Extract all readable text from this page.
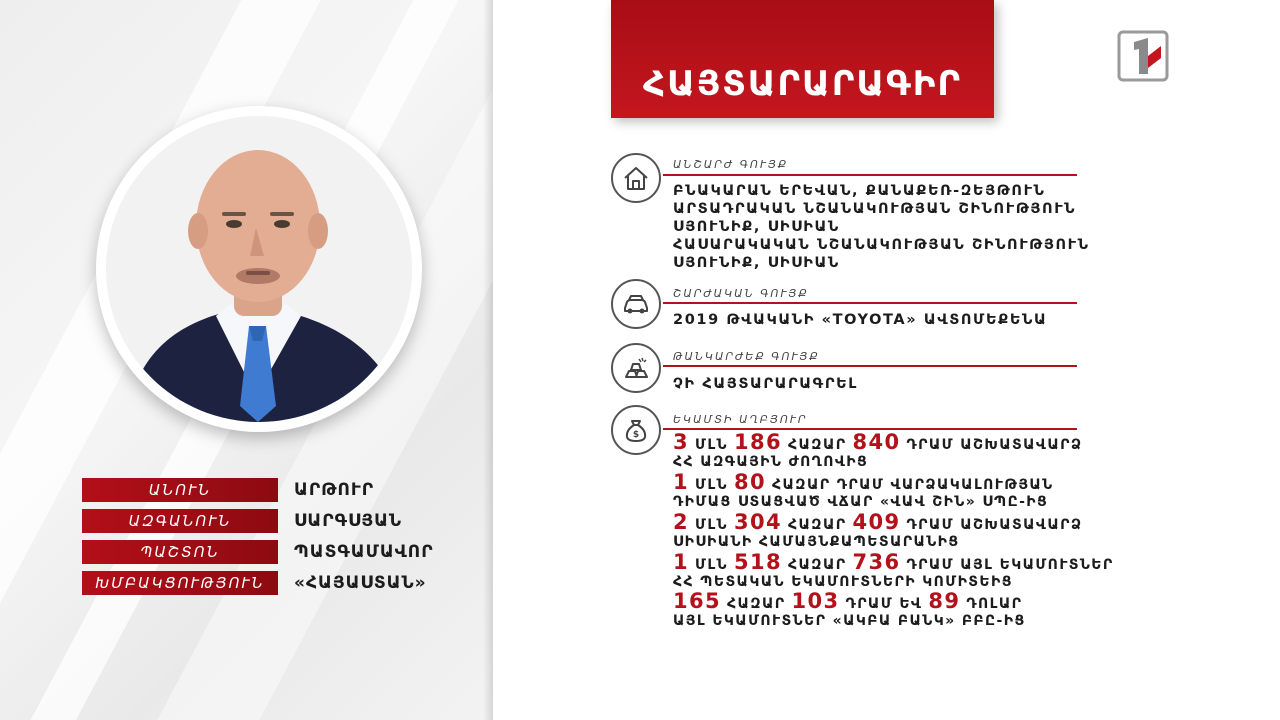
ԱՆՈՒՆ	ԱՐԹՈՒՐ
ԱԶԳԱՆՈՒՆ	ՍԱՐԳՍՅԱՆ
ՊԱՇՏՈՆ	ՊԱՏԳԱՄԱՎՈՐ
ԽՄԲԱԿՑՈՒԹՅՈՒՆ	«ՀԱՅԱՍՏԱՆ»
ՀԱՅՏԱՐԱՐԱԳԻՐ
ԱՆՇԱՐԺ ԳՈՒՅՔ
ԲՆԱԿԱՐԱՆ ԵՐԵՎԱՆ, ՔԱՆԱՔԵՌ-ԶԵՅԹՈՒՆ
ԱՐՏԱԴՐԱԿԱՆ ՆՇԱՆԱԿՈՒԹՅԱՆ ՇԻՆՈՒԹՅՈՒՆ
ՍՅՈՒՆԻՔ, ՍԻՍԻԱՆ
ՀԱՍԱՐԱԿԱԿԱՆ ՆՇԱՆԱԿՈՒԹՅԱՆ ՇԻՆՈՒԹՅՈՒՆ
ՍՅՈՒՆԻՔ, ՍԻՍԻԱՆ
ՇԱՐԺԱԿԱՆ ԳՈՒՅՔ
2019 ԹՎԱԿԱՆԻ «TOYOTA» ԱՎՏՈՄԵՔԵՆԱ
ԹԱՆԿԱՐԺԵՔ ԳՈՒՅՔ
ՉԻ ՀԱՅՏԱՐԱՐԱԳՐԵԼ
$
ԵԿԱՄՏԻ ԱՂԲՅՈՒՐ
3 ՄԼՆ 186 ՀԱԶԱՐ 840 ԴՐԱՄ ԱՇԽԱՏԱՎԱՐՁ
ՀՀ ԱԶԳԱՅԻՆ ԺՈՂՈՎԻՑ
1 ՄԼՆ 80 ՀԱԶԱՐ ԴՐԱՄ ՎԱՐՁԱԿԱԼՈՒԹՅԱՆ
ԴԻՄԱՑ ՍՏԱՑՎԱԾ ՎՃԱՐ «ՎԱՎ ՇԻՆ» ՍՊԸ-ԻՑ
2 ՄԼՆ 304 ՀԱԶԱՐ 409 ԴՐԱՄ ԱՇԽԱՏԱՎԱՐՁ
ՍԻՍԻԱՆԻ ՀԱՄԱՅՆՔԱՊԵՏԱՐԱՆԻՑ
1 ՄԼՆ 518 ՀԱԶԱՐ 736 ԴՐԱՄ ԱՅԼ ԵԿԱՄՈՒՏՆԵՐ
ՀՀ ՊԵՏԱԿԱՆ ԵԿԱՄՈՒՏՆԵՐԻ ԿՈՄԻՏԵԻՑ
165 ՀԱԶԱՐ 103 ԴՐԱՄ ԵՎ 89 ԴՈԼԱՐ
ԱՅԼ ԵԿԱՄՈՒՏՆԵՐ «ԱԿԲԱ ԲԱՆԿ» ԲԲԸ-ԻՑ
